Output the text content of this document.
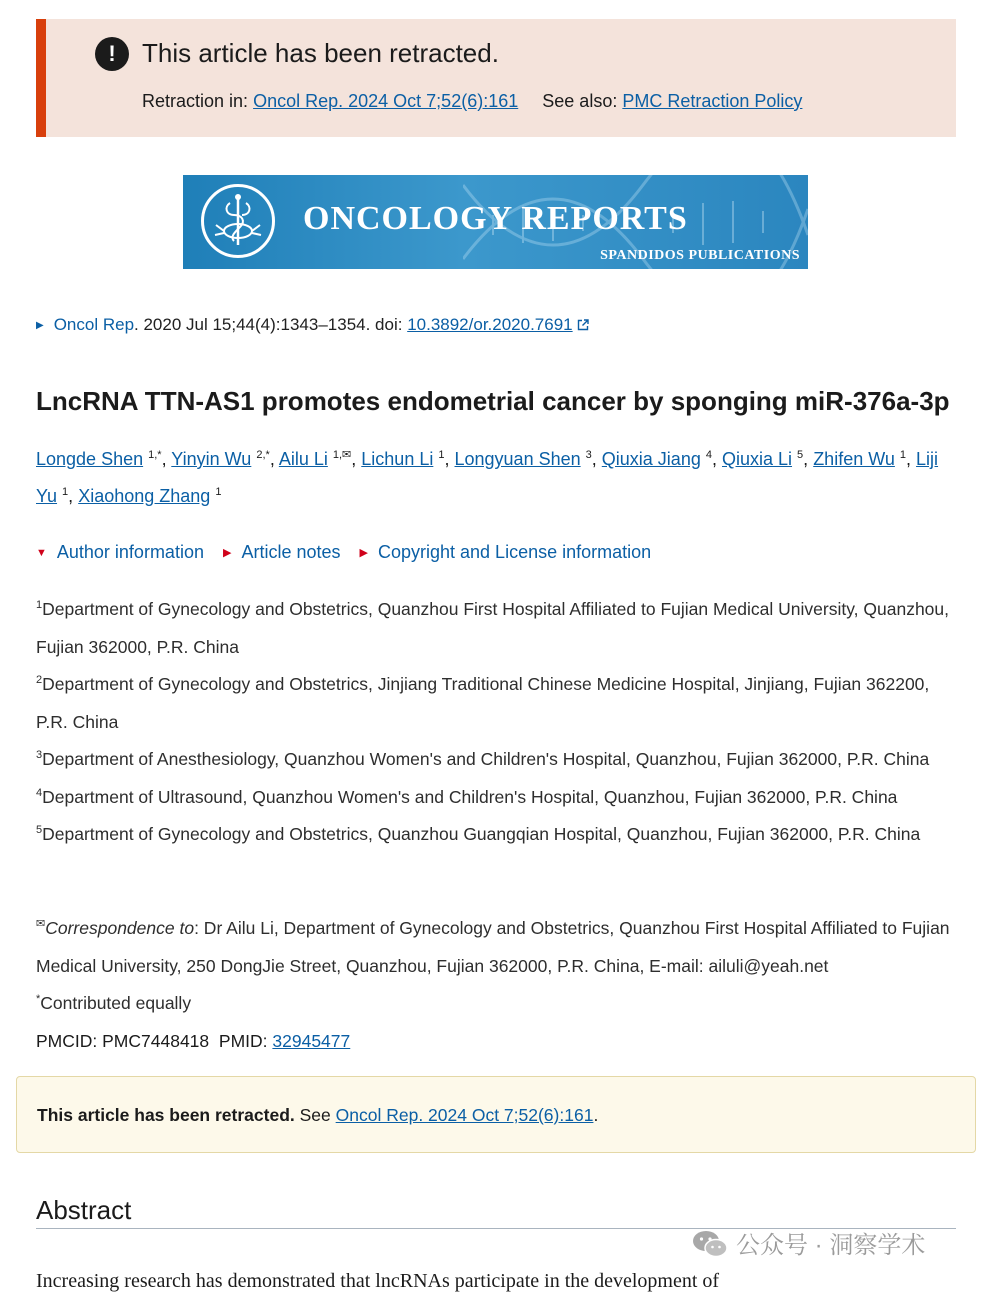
!	This article has been retracted.
Retraction in: Oncol Rep. 2024 Oct 7;52(6):161 See also: PMC Retraction Policy
ONCOLOGY REPORTS
SPANDIDOS PUBLICATIONS
▶ Oncol Rep. 2020 Jul 15;44(4):1343–1354. doi: 10.3892/or.2020.7691
LncRNA TTN-AS1 promotes endometrial cancer by sponging miR-376a-3p
Longde Shen $^{1,*}$, Yinyin Wu $^{2,*}$, Ailu Li $^{1,✉}$, Lichun Li $^1$, Longyuan Shen $^3$, Qiuxia Jiang $^4$, Qiuxia Li $^5$, Zhifen Wu $^1$, Liji Yu $^1$, Xiaohong Zhang $^1$
▼ Author information ▶ Article notes ▶ Copyright and License information

$^1$Department of Gynecology and Obstetrics, Quanzhou First Hospital Affiliated to Fujian Medical University, Quanzhou, Fujian 362000, P.R. China

$^2$Department of Gynecology and Obstetrics, Jinjiang Traditional Chinese Medicine Hospital, Jinjiang, Fujian 362200, P.R. China

$^3$Department of Anesthesiology, Quanzhou Women's and Children's Hospital, Quanzhou, Fujian 362000, P.R. China

$^4$Department of Ultrasound, Quanzhou Women's and Children's Hospital, Quanzhou, Fujian 362000, P.R. China

$^5$Department of Gynecology and Obstetrics, Quanzhou Guangqian Hospital, Quanzhou, Fujian 362000, P.R. China

✉Correspondence to: Dr Ailu Li, Department of Gynecology and Obstetrics, Quanzhou First Hospital Affiliated to Fujian Medical University, 250 DongJie Street, Quanzhou, Fujian 362000, P.R. China, E-mail: ailuli@yeah.net

*Contributed equally

PMCID: PMC7448418 PMID: 32945477

This article has been retracted. See Oncol Rep. 2024 Oct 7;52(6):161.
Abstract
Increasing research has demonstrated that lncRNAs participate in the development of
公众号 · 洞察学术
